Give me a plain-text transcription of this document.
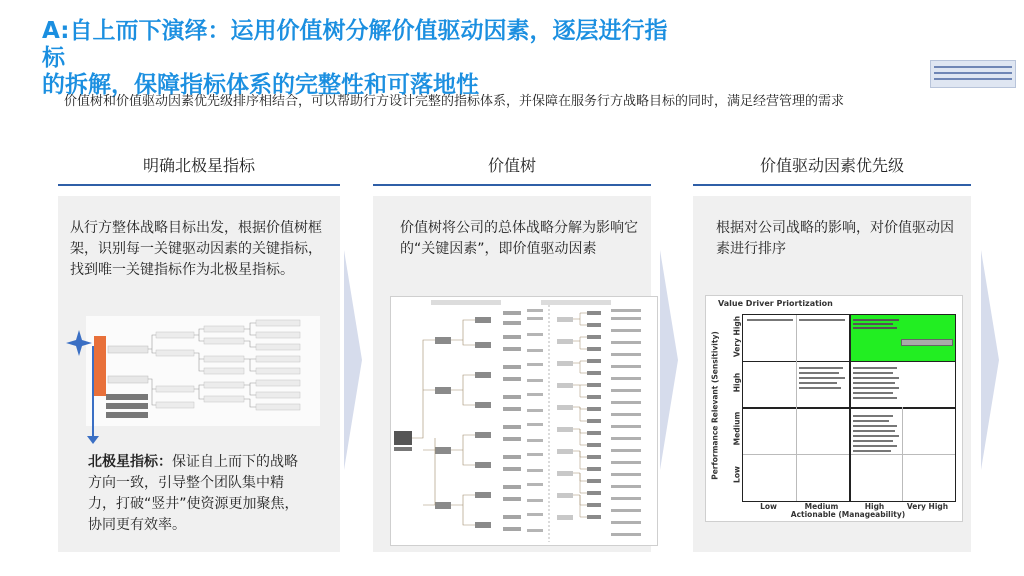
A:自上而下演绎：运用价值树分解价值驱动因素，逐层进行指
标
的拆解，保障指标体系的完整性和可落地性
价值树和价值驱动因素优先级排序相结合，可以帮助行方设计完整的指标体系，并保障在服务行方战略目标的同时，满足经营管理的需求
明确北极星指标	价值树	价值驱动因素优先级
从行方整体战略目标出发，根据价值树框架，识别每一关键驱动因素的关键指标，找到唯一关键指标作为北极星指标。
价值树将公司的总体战略分解为影响它的“关键因素”，即价值驱动因素
根据对公司战略的影响，对价值驱动因素进行排序
北极星指标：保证自上而下的战略方向一致，引导整个团队集中精力，打破“竖井”使资源更加聚焦，协同更有效率。
Value Driver Priortization
Low	Medium	High	Very High
Actionable (Manageability)
Very High
High
Medium
Low
Performance Relevant (Sensitivity)
